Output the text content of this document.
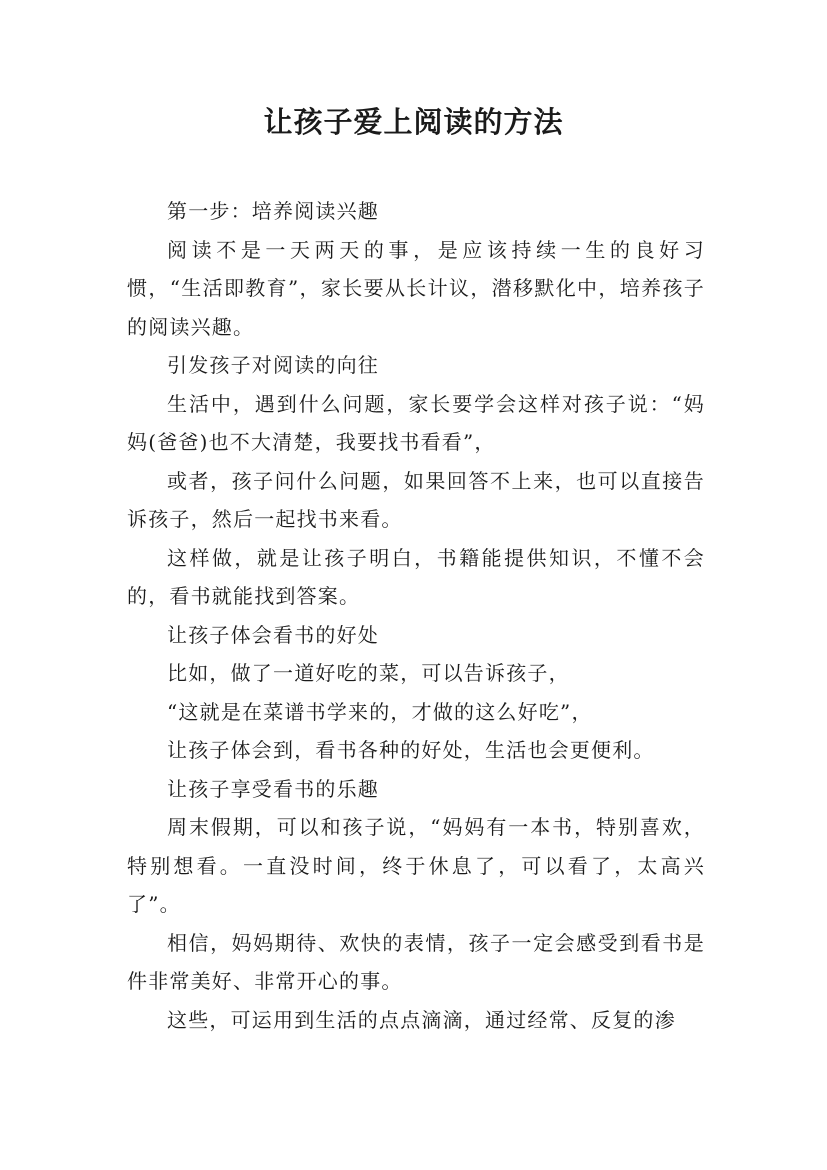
让孩子爱上阅读的方法

第一步：培养阅读兴趣

阅读不是一天两天的事，是应该持续一生的良好习惯，“生活即教育”，家长要从长计议，潜移默化中，培养孩子的阅读兴趣。

引发孩子对阅读的向往

生活中，遇到什么问题，家长要学会这样对孩子说：“妈妈(爸爸)也不大清楚，我要找书看看”，

或者，孩子问什么问题，如果回答不上来，也可以直接告诉孩子，然后一起找书来看。

这样做，就是让孩子明白，书籍能提供知识，不懂不会的，看书就能找到答案。

让孩子体会看书的好处

比如，做了一道好吃的菜，可以告诉孩子，

“这就是在菜谱书学来的，才做的这么好吃”，

让孩子体会到，看书各种的好处，生活也会更便利。

让孩子享受看书的乐趣

周末假期，可以和孩子说，“妈妈有一本书，特别喜欢，特别想看。一直没时间，终于休息了，可以看了，太高兴了”。

相信，妈妈期待、欢快的表情，孩子一定会感受到看书是件非常美好、非常开心的事。

这些，可运用到生活的点点滴滴，通过经常、反复的渗
